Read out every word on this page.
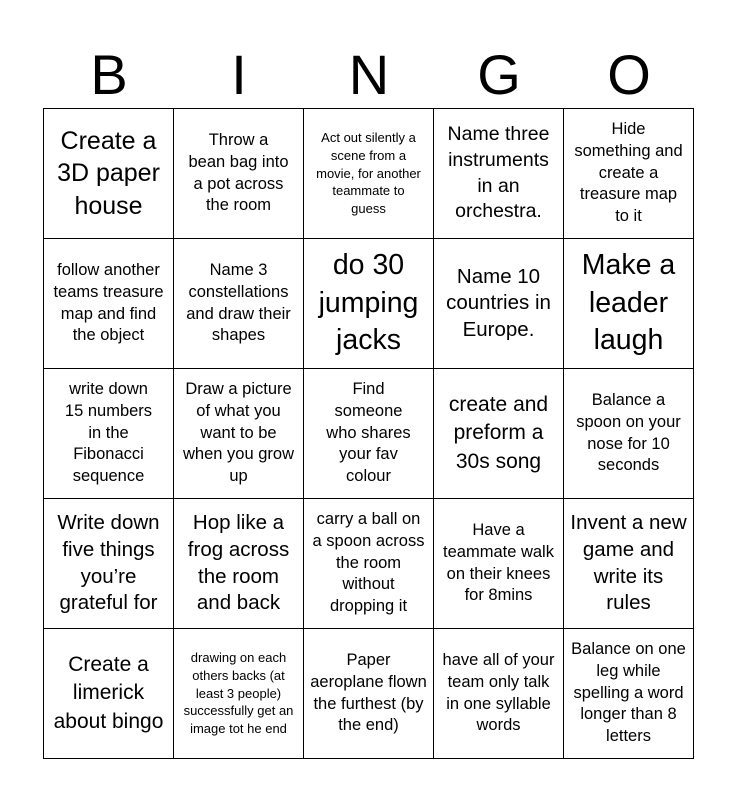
B	I	N	G	O
Create a 3D paper house
Throw a bean bag into a pot across the room
Act out silently a scene from a movie, for another teammate to guess
Name three instruments in an orchestra.
Hide something and create a treasure map to it
follow another teams treasure map and find the object
Name 3 constellations and draw their shapes
do 30 jumping jacks
Name 10 countries in Europe.
Make a leader laugh
write down 15 numbers in the Fibonacci sequence
Draw a picture of what you want to be when you grow up
Find someone who shares your fav colour
create and preform a 30s song
Balance a spoon on your nose for 10 seconds
Write down five things you’re grateful for
Hop like a frog across the room and back
carry a ball on a spoon across the room without dropping it
Have a teammate walk on their knees for 8mins
Invent a new game and write its rules
Create a limerick about bingo
drawing on each others backs (at least 3 people) successfully get an image tot he end
Paper aeroplane flown the furthest (by the end)
have all of your team only talk in one syllable words
Balance on one leg while spelling a word longer than 8 letters
